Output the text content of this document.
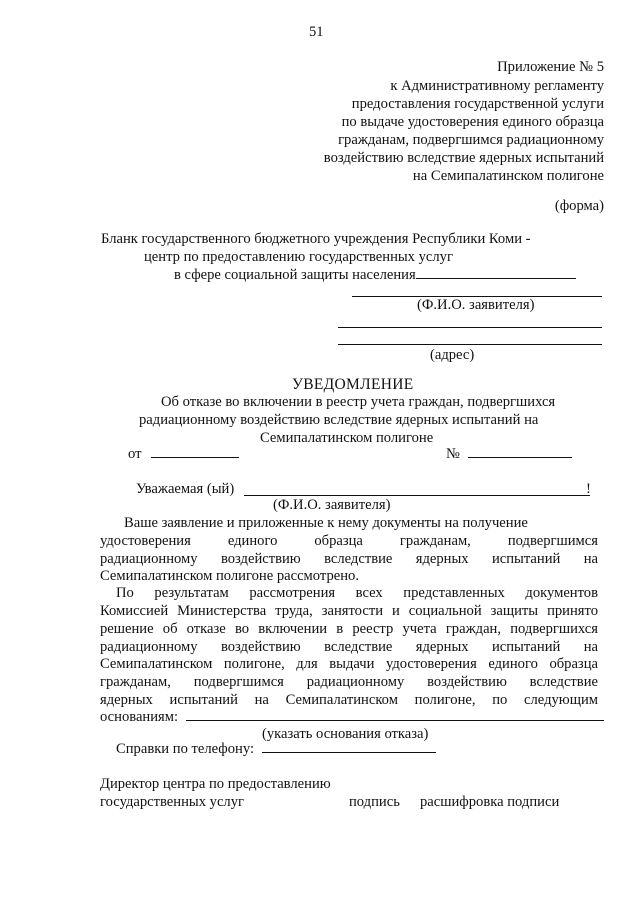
51
Приложение № 5
к Административному регламенту
предоставления государственной услуги
по выдаче удостоверения единого образца
гражданам, подвергшимся радиационному
воздействию вследствие ядерных испытаний
на Семипалатинском полигоне
(форма)
Бланк государственного бюджетного учреждения Республики Коми -
центр по предоставлению государственных услуг
в сфере социальной защиты населения
(Ф.И.О. заявителя)
(адрес)
УВЕДОМЛЕНИЕ
Об отказе во включении в реестр учета граждан, подвергшихся
радиационному воздействию вследствие ядерных испытаний на
Семипалатинском полигоне
от	№
Уважаемая (ый)	!
(Ф.И.О. заявителя)
Ваше заявление и приложенные к нему документы на получение
удостоверения единого образца гражданам, подвергшимся
радиационному воздействию вследствие ядерных испытаний на
Семипалатинском полигоне рассмотрено.
По результатам рассмотрения всех представленных документов
Комиссией Министерства труда, занятости и социальной защиты принято
решение об отказе во включении в реестр учета граждан, подвергшихся
радиационному воздействию вследствие ядерных испытаний на
Семипалатинском полигоне, для выдачи удостоверения единого образца
гражданам, подвергшимся радиационному воздействию вследствие
ядерных испытаний на Семипалатинском полигоне, по следующим
основаниям:
(указать основания отказа)
Справки по телефону:
Директор центра по предоставлению
государственных услуг	подпись расшифровка подписи
